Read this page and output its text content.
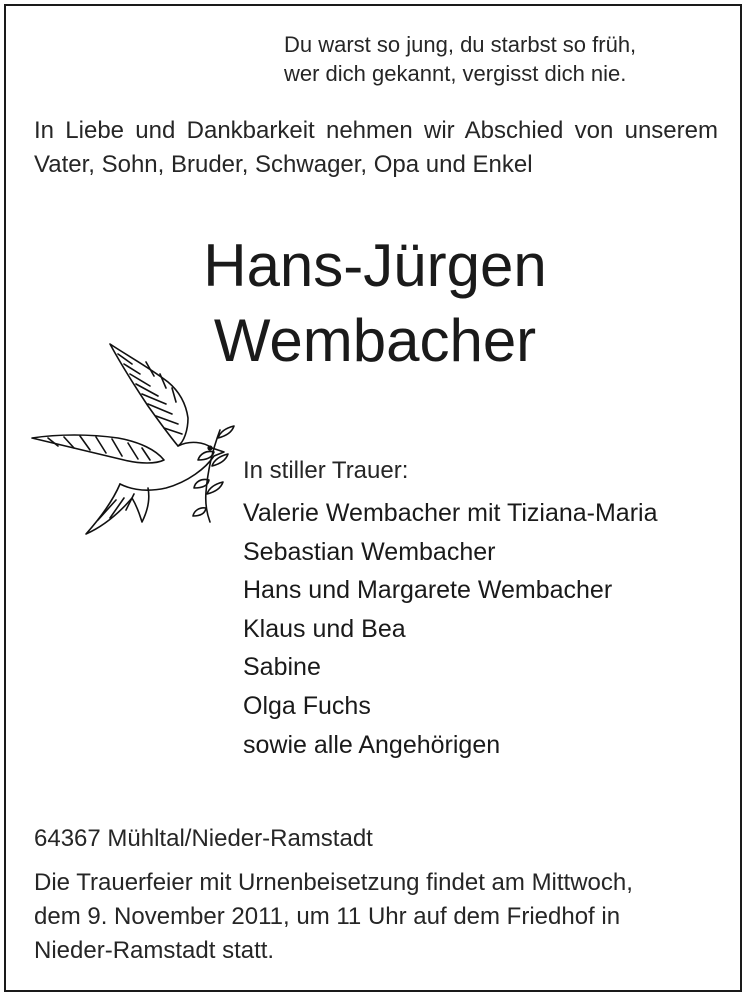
Du warst so jung, du starbst so früh,
wer dich gekannt, vergisst dich nie.
In Liebe und Dankbarkeit nehmen wir Abschied von unserem Vater, Sohn, Bruder, Schwager, Opa und Enkel
Hans-Jürgen
Wembacher
In stiller Trauer:
Valerie Wembacher mit Tiziana-Maria
Sebastian Wembacher
Hans und Margarete Wembacher
Klaus und Bea
Sabine
Olga Fuchs
sowie alle Angehörigen
64367 Mühltal/Nieder-Ramstadt
Die Trauerfeier mit Urnenbeisetzung findet am Mittwoch,
dem 9. November 2011, um 11 Uhr auf dem Friedhof in
Nieder-Ramstadt statt.
